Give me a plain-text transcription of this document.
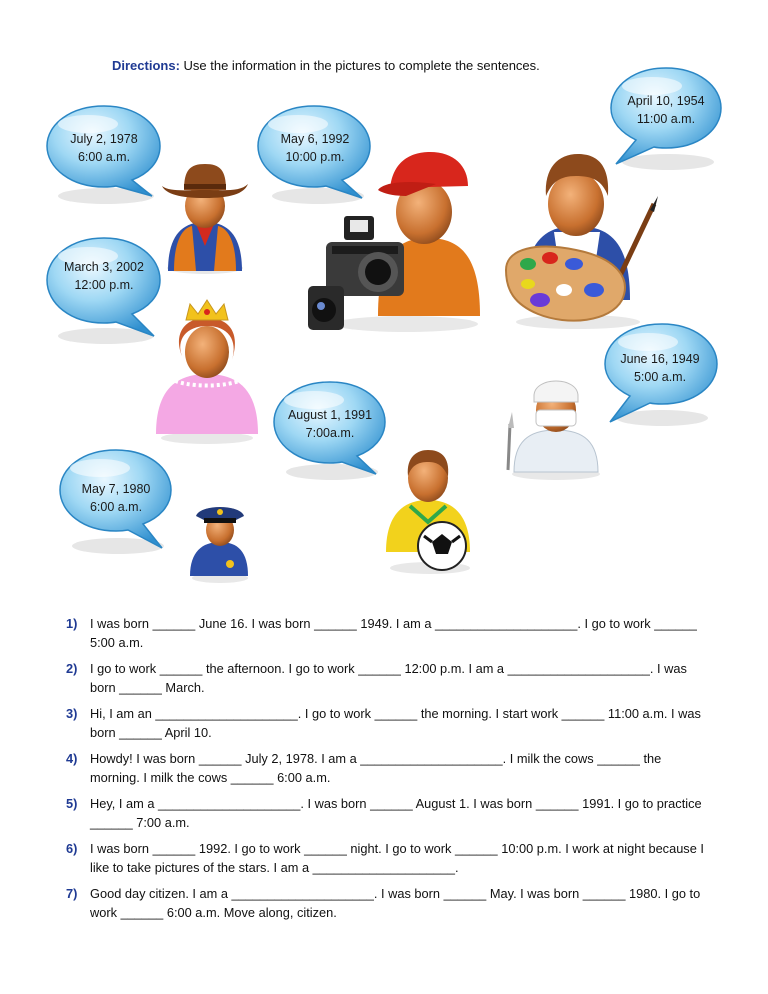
Directions: Use the information in the pictures to complete the sentences.

July 2, 1978
6:00 a.m.
May 6, 1992
10:00 p.m.
April 10, 1954
11:00 a.m.
March 3, 2002
12:00 p.m.
June 16, 1949
5:00 a.m.
August 1, 1991
7:00a.m.
May 7, 1980
6:00 a.m.
1) I was born ______ June 16. I was born ______ 1949. I am a ____________________. I go to work ______ 5:00 a.m.
2) I go to work ______ the afternoon. I go to work ______ 12:00 p.m. I am a ____________________. I was born ______ March.
3) Hi, I am an ____________________. I go to work ______ the morning. I start work ______ 11:00 a.m. I was born ______ April 10.
4) Howdy! I was born ______ July 2, 1978. I am a ____________________. I milk the cows ______ the morning. I milk the cows ______ 6:00 a.m.
5) Hey, I am a ____________________. I was born ______ August 1. I was born ______ 1991. I go to practice ______ 7:00 a.m.
6) I was born ______ 1992. I go to work ______ night. I go to work ______ 10:00 p.m. I work at night because I like to take pictures of the stars. I am a ____________________.
7) Good day citizen. I am a ____________________. I was born ______ May. I was born ______ 1980. I go to work ______ 6:00 a.m. Move along, citizen.
